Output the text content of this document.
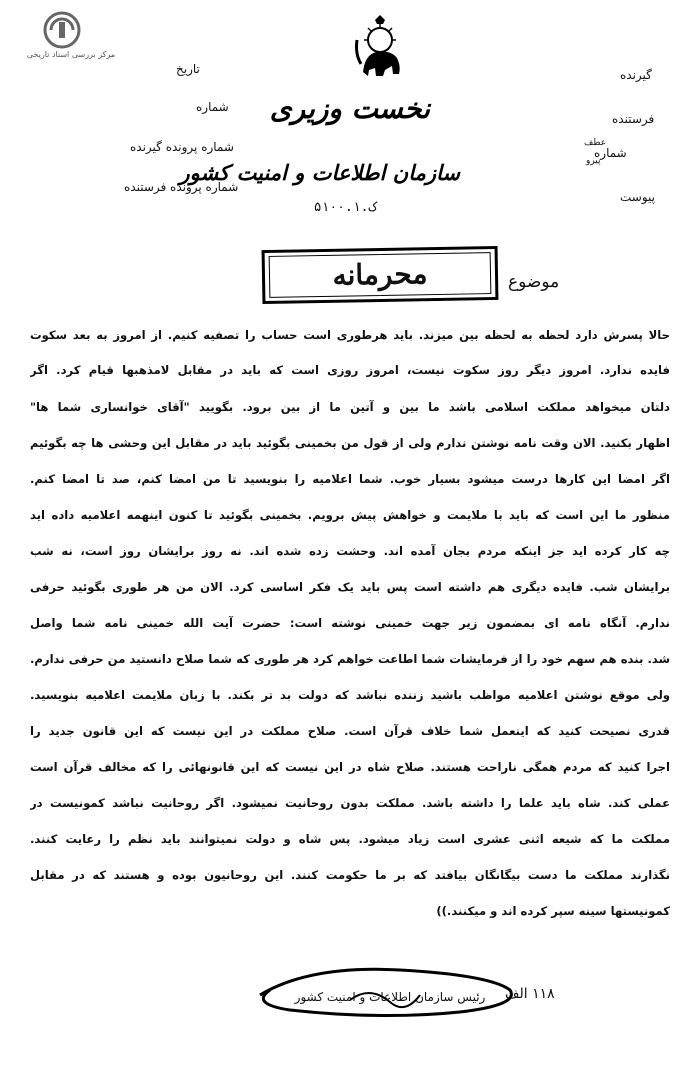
مرکز بررسی اسناد تاریخی
نخست وزیری
سازمان اطلاعات و امنیت کشور
ک.۵۱۰۰.۱
تاریخ
شماره
شماره پرونده گیرنده
شماره پرونده فرستنده
گیرنده
فرستنده
شماره
عطف
پیرو
پیوست
موضوع
محرمانه
حالا پسرش دارد لحظه به لحظه بین میزند. باید هرطوری است حساب را تصفیه کنیم. از امروز به بعد سکوت
فایده ندارد. امروز دیگر روز سکوت نیست، امروز روزی است که باید در مقابل لامذهبها قیام کرد. اگر
دلتان میخواهد مملکت اسلامی باشد ما بین و آتین ما از بین برود. بگویید "آقای خوانساری شما ها"
اظهار بکنید. الان وقت نامه نوشتن ندارم ولی از قول من بخمینی بگوئید باید در مقابل این وحشی ها چه بگوئیم
اگر امضا این کارها درست میشود بسیار خوب. شما اعلامیه را بنویسید تا من امضا کنم، صد تا امضا کنم.
منظور ما این است که باید با ملایمت و خواهش پیش برویم. بخمینی بگوئید تا کنون اینهمه اعلامیه داده اید
چه کار کرده اید جز اینکه مردم بجان آمده اند. وحشت زده شده اند. نه روز برایشان روز است، نه شب
برایشان شب. فایده دیگری هم داشته است پس باید یک فکر اساسی کرد. الان من هر طوری بگوئید حرفی
ندارم. آنگاه نامه ای بمضمون زیر جهت خمینی نوشته است: حضرت آیت الله خمینی نامه شما واصل
شد. بنده هم سهم خود را از فرمایشات شما اطاعت خواهم کرد هر طوری که شما صلاح دانستید من حرفی ندارم.
ولی موقع نوشتن اعلامیه مواظب باشید زننده نباشد که دولت بد تر بکند. با زبان ملایمت اعلامیه بنویسید.
قدری نصیحت کنید که اینعمل شما خلاف قرآن است. صلاح مملکت در این نیست که این قانون جدید را
اجرا کنید که مردم همگی ناراحت هستند. صلاح شاه در این نیست که این قانونهائی را که مخالف قرآن است
عملی کند. شاه باید علما را داشته باشد. مملکت بدون روحانیت نمیشود. اگر روحانیت نباشد کمونیست در
مملکت ما که شیعه اثنی عشری است زیاد میشود. پس شاه و دولت نمیتوانند باید نظم را رعایت کنند.
نگذارند مملکت ما دست بیگانگان بیافتد که بر ما حکومت کنند. این روحانیون بوده و هستند که در مقابل
کمونیستها سینه سپر کرده اند و میکنند.))
رئیس سازمان اطلاعات و امنیت کشور	۱۱۸ الف
